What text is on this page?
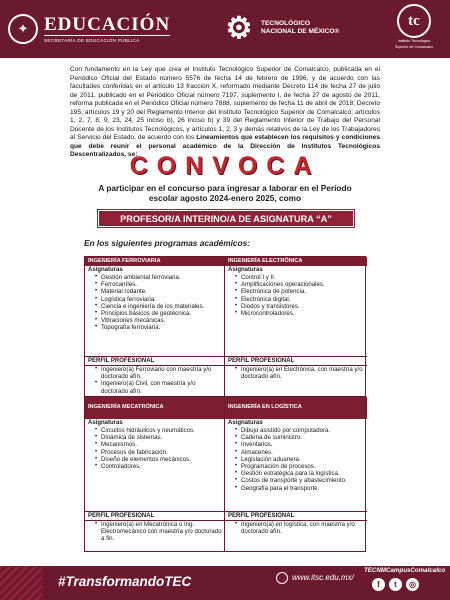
✦ EDUCACIÓN
SECRETARÍA DE EDUCACIÓN PÚBLICA	⚙	TECNOLÓGICO
NACIONAL DE MÉXICO®
tc
Instituto Tecnológico
Superior de Comalcalco
Con fundamento en la Ley que crea el Instituto Tecnológico Superior de Comalcalco, publicada en el Periódico Oficial del Estado número 5576 de fecha 14 de febrero de 1996, y de acuerdo con las facultades conferidas en el artículo 13 fracción X, reformado mediante Decreto 114 de fecha 27 de julio de 2011, publicado en el Periódico Oficial número 7197, suplemento I, de fecha 27 de agosto de 2011, reforma publicada en el Periódico Oficial número 7888, suplemento de fecha 11 de abril de 2018; Decreto 195, artículos 19 y 20 del Reglamento Interior del Instituto Tecnológico Superior de Comalcalco; artículos 1, 2, 7, 8, 9, 23, 24, 25 inciso b), 26 inciso b) y 39 del Reglamento Interior de Trabajo del Personal Docente de los Institutos Tecnológicos, y artículos 1, 2, 3 y demás relativos de la Ley de los Trabajadores al Servicio del Estado, de acuerdo con los Lineamientos que establecen los requisitos y condiciones que debe reunir el personal académico de la Dirección de Institutos Tecnológicos Descentralizados, se:
CONVOCA
A participar en el concurso para ingresar a laborar en el Período escolar agosto 2024-enero 2025, como
PROFESOR/A INTERINO/A DE ASIGNATURA “A”
En los siguientes programas académicos:
INGENIERÍA FERROVIARIA
Asignaturas
• Gestión ambiental ferroviaria.
• Ferrocarriles.
• Material rodante.
• Logística ferroviaria.
• Ciencia e ingeniería de los materiales.
• Principios básicos de geotécnica.
• Vibraciones mecánicas.
• Topografía ferroviaria.
PERFIL PROFESIONAL
• Ingeniero(a) Ferroviario con maestría y/o doctorado afín.
• Ingeniero(a) Civil, con maestría y/o doctorado afín.
INGENIERÍA ELECTRÓNICA
Asignaturas
• Control I y II.
• Amplificaciones operacionales.
• Electrónica de potencia.
• Electrónica digital.
• Diodos y transistores.
• Microcontroladores.
PERFIL PROFESIONAL
• Ingeniero(a) en Electrónica, con maestría y/o doctorado afín.
INGENIERÍA MECATRÓNICA
Asignaturas
• Circuitos hidráulicos y neumáticos.
• Dinámica de sistemas.
• Mecanismos.
• Procesos de fabricación.
• Diseño de elementos mecánicos.
• Controladores.
PERFIL PROFESIONAL
• Ingeniero(a) en Mecatrónica o Ing. Electromecánico con maestría y/o doctorado a fin.
INGENIERÍA EN LOGÍSTICA
Asignaturas
• Dibujo asistido por computadora.
• Cadena de suministro.
• Inventarios.
• Almacenes.
• Legislación aduanera.
• Programación de procesos.
• Gestión estratégica para la logística.
• Costos de transporte y abastecimiento.
• Geografía para el transporte.
PERFIL PROFESIONAL
• Ingeniero(a) en logística, con maestría y/o doctorado afín.
#TransformandoTEC	www.itsc.edu.mx/
TECNMCampusComalcalco
f	t	◎
